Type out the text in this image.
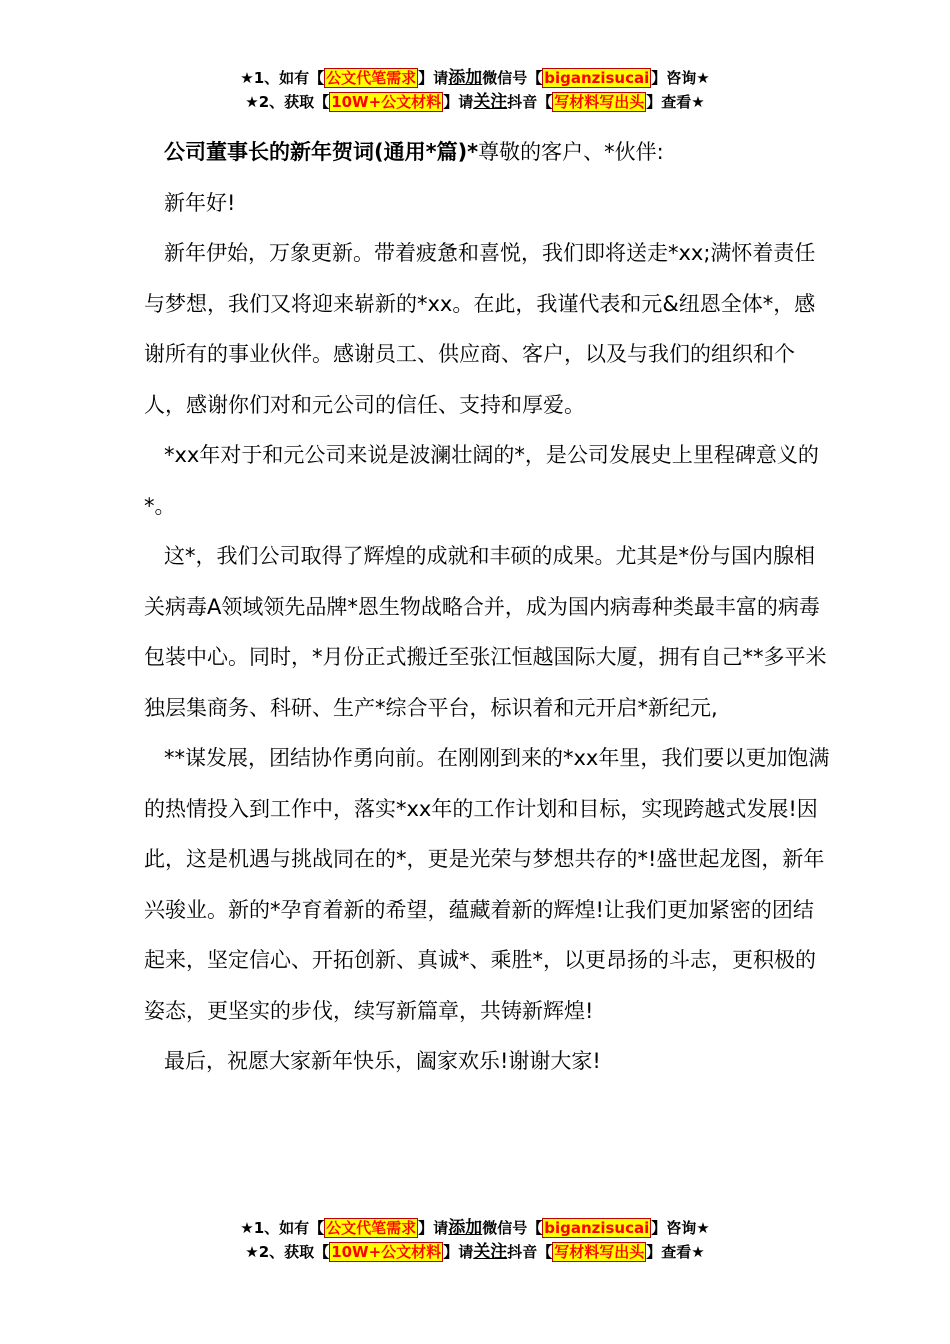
★1、如有【 公文代笔需求 】请添加微信号【 biganzisucai 】咨询★
★2、获取【 10W+公文材料 】请关注抖音【 写材料写出头 】查看★

公司董事长的新年贺词(通用*篇)*尊敬的客户、*伙伴:

新年好!

新年伊始，万象更新。带着疲惫和喜悦，我们即将送走*xx;满怀着责任与梦想，我们又将迎来崭新的*xx。在此，我谨代表和元&纽恩全体*，感谢所有的事业伙伴。感谢员工、供应商、客户，以及与我们的组织和个人，感谢你们对和元公司的信任、支持和厚爱。

*xx年对于和元公司来说是波澜壮阔的*，是公司发展史上里程碑意义的*。

这*，我们公司取得了辉煌的成就和丰硕的成果。尤其是*份与国内腺相关病毒A领域领先品牌*恩生物战略合并，成为国内病毒种类最丰富的病毒包装中心。同时，*月份正式搬迁至张江恒越国际大厦，拥有自己**多平米独层集商务、科研、生产*综合平台，标识着和元开启*新纪元,

**谋发展，团结协作勇向前。在刚刚到来的*xx年里，我们要以更加饱满的热情投入到工作中，落实*xx年的工作计划和目标，实现跨越式发展!因此，这是机遇与挑战同在的*，更是光荣与梦想共存的*!盛世起龙图，新年兴骏业。新的*孕育着新的希望，蕴藏着新的辉煌!让我们更加紧密的团结起来，坚定信心、开拓创新、真诚*、乘胜*，以更昂扬的斗志，更积极的姿态，更坚实的步伐，续写新篇章，共铸新辉煌!

最后，祝愿大家新年快乐，阖家欢乐!谢谢大家!

★1、如有【 公文代笔需求 】请添加微信号【 biganzisucai 】咨询★
★2、获取【 10W+公文材料 】请关注抖音【 写材料写出头 】查看★
